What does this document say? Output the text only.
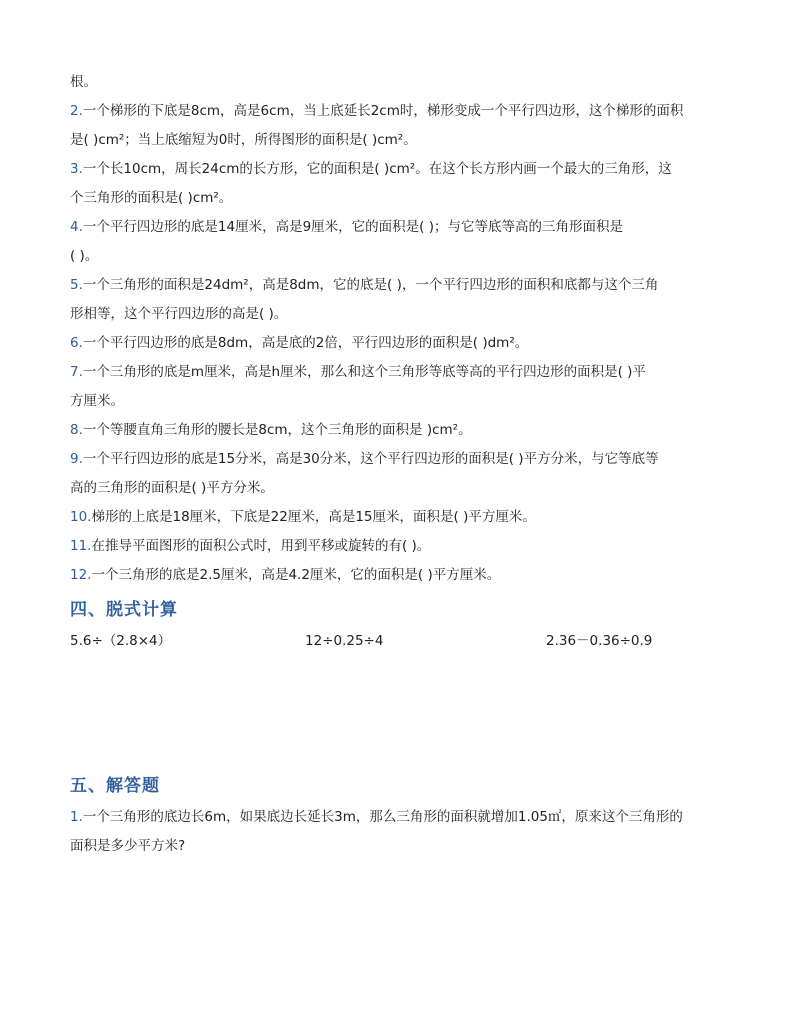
根。
2.一个梯形的下底是8cm，高是6cm，当上底延长2cm时，梯形变成一个平行四边形，这个梯形的面积
是( )cm²；当上底缩短为0时，所得图形的面积是( )cm²。
3.一个长10cm，周长24cm的长方形，它的面积是( )cm²。在这个长方形内画一个最大的三角形，这
个三角形的面积是( )cm²。
4.一个平行四边形的底是14厘米，高是9厘米，它的面积是( )；与它等底等高的三角形面积是
( )。
5.一个三角形的面积是24dm²，高是8dm，它的底是( )，一个平行四边形的面积和底都与这个三角
形相等，这个平行四边形的高是( )。
6.一个平行四边形的底是8dm，高是底的2倍，平行四边形的面积是( )dm²。
7.一个三角形的底是m厘米，高是h厘米，那么和这个三角形等底等高的平行四边形的面积是( )平
方厘米。
8.一个等腰直角三角形的腰长是8cm，这个三角形的面积是 )cm²。
9.一个平行四边形的底是15分米，高是30分米，这个平行四边形的面积是( )平方分米，与它等底等
高的三角形的面积是( )平方分米。
10.梯形的上底是18厘米，下底是22厘米，高是15厘米，面积是( )平方厘米。
11.在推导平面图形的面积公式时，用到平移或旋转的有( )。
12.一个三角形的底是2.5厘米，高是4.2厘米，它的面积是( )平方厘米。
四、脱式计算
5.6÷（2.8×4）	12÷0.25÷4	2.36－0.36÷0.9
五、解答题
1.一个三角形的底边长6m，如果底边长延长3m，那么三角形的面积就增加1.05㎡，原来这个三角形的
面积是多少平方米?
